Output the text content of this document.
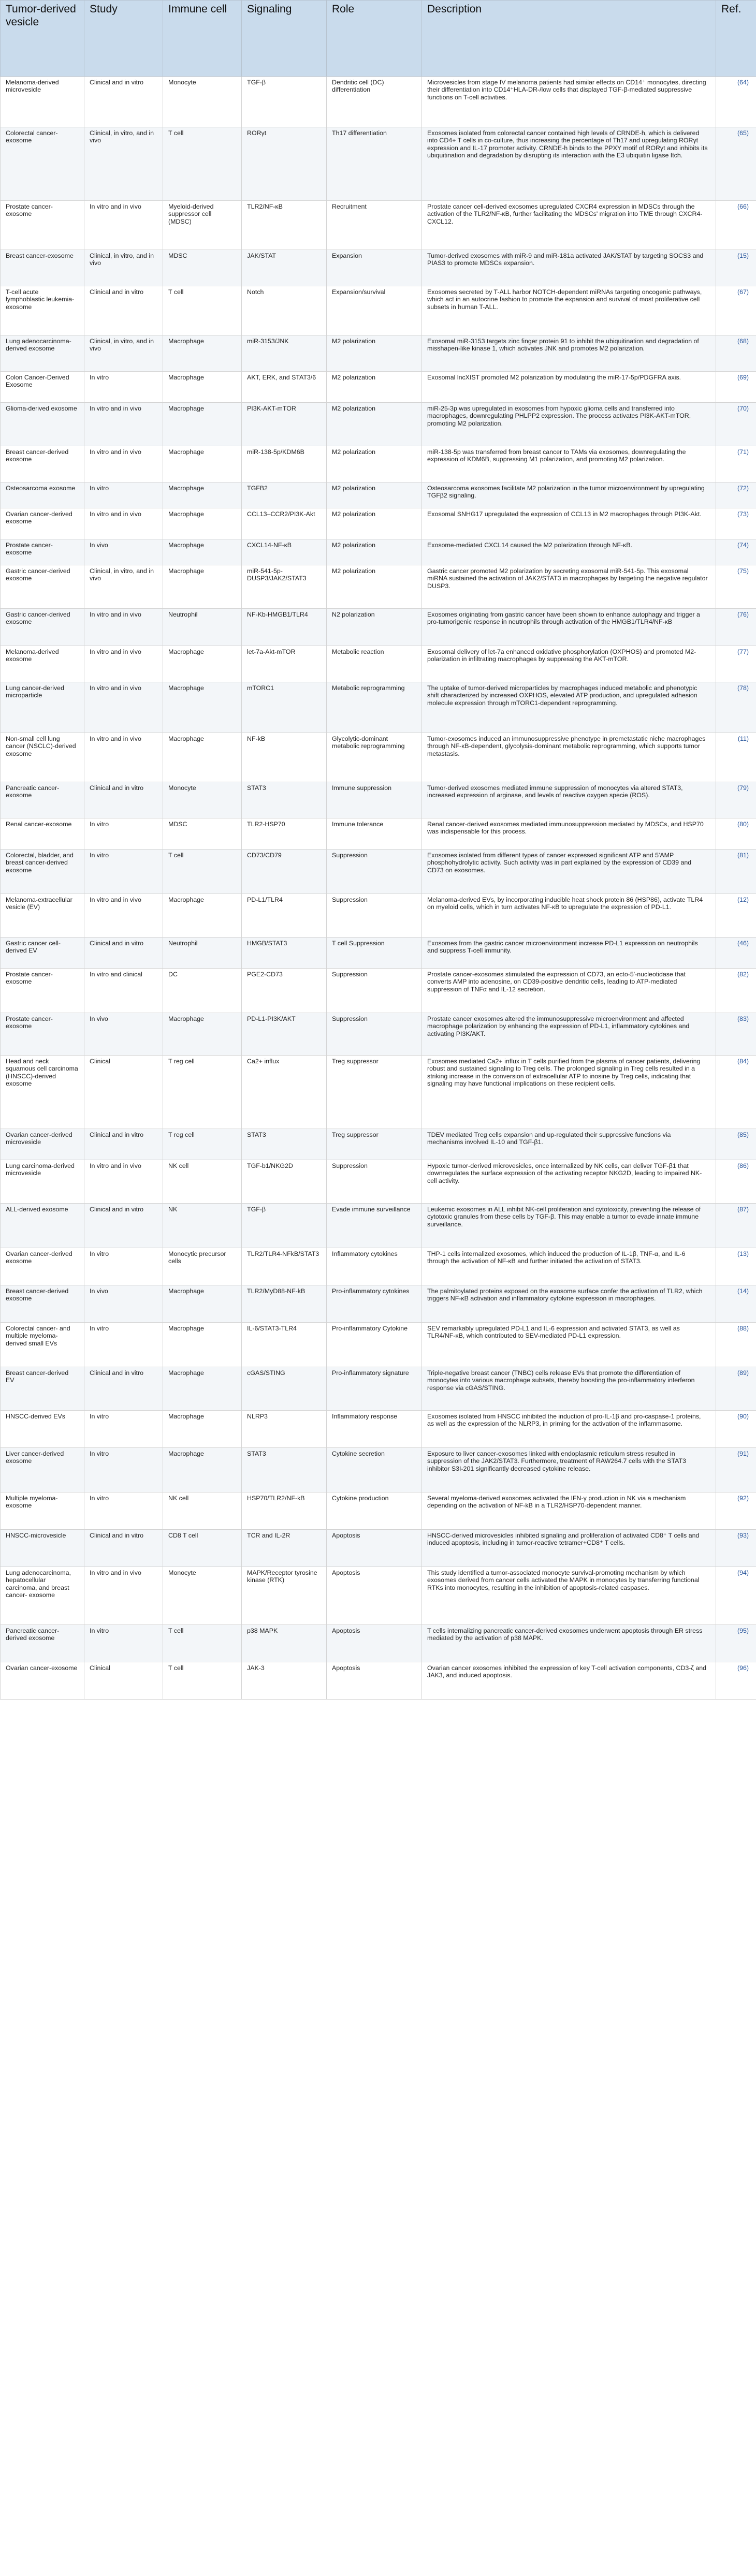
Tumor-derived vesicle	Study	Immune cell	Signaling	Role	Description	Ref.
Melanoma-derived microvesicle	Clinical and in vitro	Monocyte	TGF-β	Dendritic cell (DC) differentiation	Microvesicles from stage IV melanoma patients had similar effects on CD14⁺ monocytes, directing their differentiation into CD14⁺HLA-DR-/low cells that displayed TGF-β-mediated suppressive functions on T-cell activities.	(64)
Colorectal cancer-exosome	Clinical, in vitro, and in vivo	T cell	RORγt	Th17 differentiation	Exosomes isolated from colorectal cancer contained high levels of CRNDE-h, which is delivered into CD4+ T cells in co-culture, thus increasing the percentage of Th17 and upregulating RORγt expression and IL-17 promoter activity. CRNDE-h binds to the PPXY motif of RORγt and inhibits its ubiquitination and degradation by disrupting its interaction with the E3 ubiquitin ligase Itch.	(65)
Prostate cancer-exosome	In vitro and in vivo	Myeloid-derived suppressor cell (MDSC)	TLR2/NF-κB	Recruitment	Prostate cancer cell-derived exosomes upregulated CXCR4 expression in MDSCs through the activation of the TLR2/NF-κB, further facilitating the MDSCs' migration into TME through CXCR4-CXCL12.	(66)
Breast cancer-exosome	Clinical, in vitro, and in vivo	MDSC	JAK/STAT	Expansion	Tumor-derived exosomes with miR-9 and miR-181a activated JAK/STAT by targeting SOCS3 and PIAS3 to promote MDSCs expansion.	(15)
T-cell acute lymphoblastic leukemia-exosome	Clinical and in vitro	T cell	Notch	Expansion/survival	Exosomes secreted by T-ALL harbor NOTCH-dependent miRNAs targeting oncogenic pathways, which act in an autocrine fashion to promote the expansion and survival of most proliferative cell subsets in human T-ALL.	(67)
Lung adenocarcinoma-derived exosome	Clinical, in vitro, and in vivo	Macrophage	miR-3153/JNK	M2 polarization	Exosomal miR-3153 targets zinc finger protein 91 to inhibit the ubiquitination and degradation of misshapen-like kinase 1, which activates JNK and promotes M2 polarization.	(68)
Colon Cancer-Derived Exosome	In vitro	Macrophage	AKT, ERK, and STAT3/6	M2 polarization	Exosomal lncXIST promoted M2 polarization by modulating the miR-17-5p/PDGFRA axis.	(69)
Glioma-derived exosome	In vitro and in vivo	Macrophage	PI3K-AKT-mTOR	M2 polarization	miR-25-3p was upregulated in exosomes from hypoxic glioma cells and transferred into macrophages, downregulating PHLPP2 expression. The process activates PI3K-AKT-mTOR, promoting M2 polarization.	(70)
Breast cancer-derived exosome	In vitro and in vivo	Macrophage	miR-138-5p/KDM6B	M2 polarization	miR-138-5p was transferred from breast cancer to TAMs via exosomes, downregulating the expression of KDM6B, suppressing M1 polarization, and promoting M2 polarization.	(71)
Osteosarcoma exosome	In vitro	Macrophage	TGFB2	M2 polarization	Osteosarcoma exosomes facilitate M2 polarization in the tumor microenvironment by upregulating TGFβ2 signaling.	(72)
Ovarian cancer-derived exosome	In vitro and in vivo	Macrophage	CCL13–CCR2/PI3K-Akt	M2 polarization	Exosomal SNHG17 upregulated the expression of CCL13 in M2 macrophages through PI3K-Akt.	(73)
Prostate cancer-exosome	In vivo	Macrophage	CXCL14-NF-κB	M2 polarization	Exosome-mediated CXCL14 caused the M2 polarization through NF-κB.	(74)
Gastric cancer-derived exosome	Clinical, in vitro, and in vivo	Macrophage	miR-541-5p-DUSP3/JAK2/STAT3	M2 polarization	Gastric cancer promoted M2 polarization by secreting exosomal miR-541-5p. This exosomal miRNA sustained the activation of JAK2/STAT3 in macrophages by targeting the negative regulator DUSP3.	(75)
Gastric cancer-derived exosome	In vitro and in vivo	Neutrophil	NF-Kb-HMGB1/TLR4	N2 polarization	Exosomes originating from gastric cancer have been shown to enhance autophagy and trigger a pro-tumorigenic response in neutrophils through activation of the HMGB1/TLR4/NF-κB	(76)
Melanoma-derived exosome	In vitro and in vivo	Macrophage	let-7a-Akt-mTOR	Metabolic reaction	Exosomal delivery of let-7a enhanced oxidative phosphorylation (OXPHOS) and promoted M2-polarization in infiltrating macrophages by suppressing the AKT-mTOR.	(77)
Lung cancer-derived microparticle	In vitro and in vivo	Macrophage	mTORC1	Metabolic reprogramming	The uptake of tumor-derived microparticles by macrophages induced metabolic and phenotypic shift characterized by increased OXPHOS, elevated ATP production, and upregulated adhesion molecule expression through mTORC1-dependent reprogramming.	(78)
Non-small cell lung cancer (NSCLC)-derived exosome	In vitro and in vivo	Macrophage	NF-kB	Glycolytic-dominant metabolic reprogramming	Tumor-exosomes induced an immunosuppressive phenotype in premetastatic niche macrophages through NF-κB-dependent, glycolysis-dominant metabolic reprogramming, which supports tumor metastasis.	(11)
Pancreatic cancer-exosome	Clinical and in vitro	Monocyte	STAT3	Immune suppression	Tumor-derived exosomes mediated immune suppression of monocytes via altered STAT3, increased expression of arginase, and levels of reactive oxygen specie (ROS).	(79)
Renal cancer-exosome	In vitro	MDSC	TLR2-HSP70	Immune tolerance	Renal cancer-derived exosomes mediated immunosuppression mediated by MDSCs, and HSP70 was indispensable for this process.	(80)
Colorectal, bladder, and breast cancer-derived exosome	In vitro	T cell	CD73/CD79	Suppression	Exosomes isolated from different types of cancer expressed significant ATP and 5'AMP phosphohydrolytic activity. Such activity was in part explained by the expression of CD39 and CD73 on exosomes.	(81)
Melanoma-extracellular vesicle (EV)	In vitro and in vivo	Macrophage	PD-L1/TLR4	Suppression	Melanoma-derived EVs, by incorporating inducible heat shock protein 86 (HSP86), activate TLR4 on myeloid cells, which in turn activates NF-κB to upregulate the expression of PD-L1.	(12)
Gastric cancer cell-derived EV	Clinical and in vitro	Neutrophil	HMGB/STAT3	T cell Suppression	Exosomes from the gastric cancer microenvironment increase PD-L1 expression on neutrophils and suppress T-cell immunity.	(46)
Prostate cancer-exosome	In vitro and clinical	DC	PGE2-CD73	Suppression	Prostate cancer-exosomes stimulated the expression of CD73, an ecto-5'-nucleotidase that converts AMP into adenosine, on CD39-positive dendritic cells, leading to ATP-mediated suppression of TNFα and IL-12 secretion.	(82)
Prostate cancer-exosome	In vivo	Macrophage	PD-L1-PI3K/AKT	Suppression	Prostate cancer exosomes altered the immunosuppressive microenvironment and affected macrophage polarization by enhancing the expression of PD-L1, inflammatory cytokines and activating PI3K/AKT.	(83)
Head and neck squamous cell carcinoma (HNSCC)-derived exosome	Clinical	T reg cell	Ca2+ influx	Treg suppressor	Exosomes mediated Ca2+ influx in T cells purified from the plasma of cancer patients, delivering robust and sustained signaling to Treg cells. The prolonged signaling in Treg cells resulted in a striking increase in the conversion of extracellular ATP to inosine by Treg cells, indicating that signaling may have functional implications on these recipient cells.	(84)
Ovarian cancer-derived microvesicle	Clinical and in vitro	T reg cell	STAT3	Treg suppressor	TDEV mediated Treg cells expansion and up-regulated their suppressive functions via mechanisms involved IL-10 and TGF-β1.	(85)
Lung carcinoma-derived microvesicle	In vitro and in vivo	NK cell	TGF-b1/NKG2D	Suppression	Hypoxic tumor-derived microvesicles, once internalized by NK cells, can deliver TGF-β1 that downregulates the surface expression of the activating receptor NKG2D, leading to impaired NK-cell activity.	(86)
ALL-derived exosome	Clinical and in vitro	NK	TGF-β	Evade immune surveillance	Leukemic exosomes in ALL inhibit NK-cell proliferation and cytotoxicity, preventing the release of cytotoxic granules from these cells by TGF-β. This may enable a tumor to evade innate immune surveillance.	(87)
Ovarian cancer-derived exosome	In vitro	Monocytic precursor cells	TLR2/TLR4-NFkB/STAT3	Inflammatory cytokines	THP-1 cells internalized exosomes, which induced the production of IL-1β, TNF-α, and IL-6 through the activation of NF-κB and further initiated the activation of STAT3.	(13)
Breast cancer-derived exosome	In vivo	Macrophage	TLR2/MyD88-NF-kB	Pro-inflammatory cytokines	The palmitoylated proteins exposed on the exosome surface confer the activation of TLR2, which triggers NF-κB activation and inflammatory cytokine expression in macrophages.	(14)
Colorectal cancer- and multiple myeloma-derived small EVs	In vitro	Macrophage	IL-6/STAT3-TLR4	Pro-inflammatory Cytokine	SEV remarkably upregulated PD-L1 and IL-6 expression and activated STAT3, as well as TLR4/NF-κB, which contributed to SEV-mediated PD-L1 expression.	(88)
Breast cancer-derived EV	Clinical and in vitro	Macrophage	cGAS/STING	Pro-inflammatory signature	Triple-negative breast cancer (TNBC) cells release EVs that promote the differentiation of monocytes into various macrophage subsets, thereby boosting the pro-inflammatory interferon response via cGAS/STING.	(89)
HNSCC-derived EVs	In vitro	Macrophage	NLRP3	Inflammatory response	Exosomes isolated from HNSCC inhibited the induction of pro-IL-1β and pro-caspase-1 proteins, as well as the expression of the NLRP3, in priming for the activation of the inflammasome.	(90)
Liver cancer-derived exosome	In vitro	Macrophage	STAT3	Cytokine secretion	Exposure to liver cancer-exosomes linked with endoplasmic reticulum stress resulted in suppression of the JAK2/STAT3. Furthermore, treatment of RAW264.7 cells with the STAT3 inhibitor S3I-201 significantly decreased cytokine release.	(91)
Multiple myeloma-exosome	In vitro	NK cell	HSP70/TLR2/NF-kB	Cytokine production	Several myeloma-derived exosomes activated the IFN-γ production in NK via a mechanism depending on the activation of NF-kB in a TLR2/HSP70-dependent manner.	(92)
HNSCC-microvesicle	Clinical and in vitro	CD8 T cell	TCR and IL-2R	Apoptosis	HNSCC-derived microvesicles inhibited signaling and proliferation of activated CD8⁺ T cells and induced apoptosis, including in tumor-reactive tetramer+CD8⁺ T cells.	(93)
Lung adenocarcinoma, hepatocellular carcinoma, and breast cancer- exosome	In vitro and in vivo	Monocyte	MAPK/Receptor tyrosine kinase (RTK)	Apoptosis	This study identified a tumor-associated monocyte survival-promoting mechanism by which exosomes derived from cancer cells activated the MAPK in monocytes by transferring functional RTKs into monocytes, resulting in the inhibition of apoptosis-related caspases.	(94)
Pancreatic cancer-derived exosome	In vitro	T cell	p38 MAPK	Apoptosis	T cells internalizing pancreatic cancer-derived exosomes underwent apoptosis through ER stress mediated by the activation of p38 MAPK.	(95)
Ovarian cancer-exosome	Clinical	T cell	JAK-3	Apoptosis	Ovarian cancer exosomes inhibited the expression of key T-cell activation components, CD3-ζ and JAK3, and induced apoptosis.	(96)
